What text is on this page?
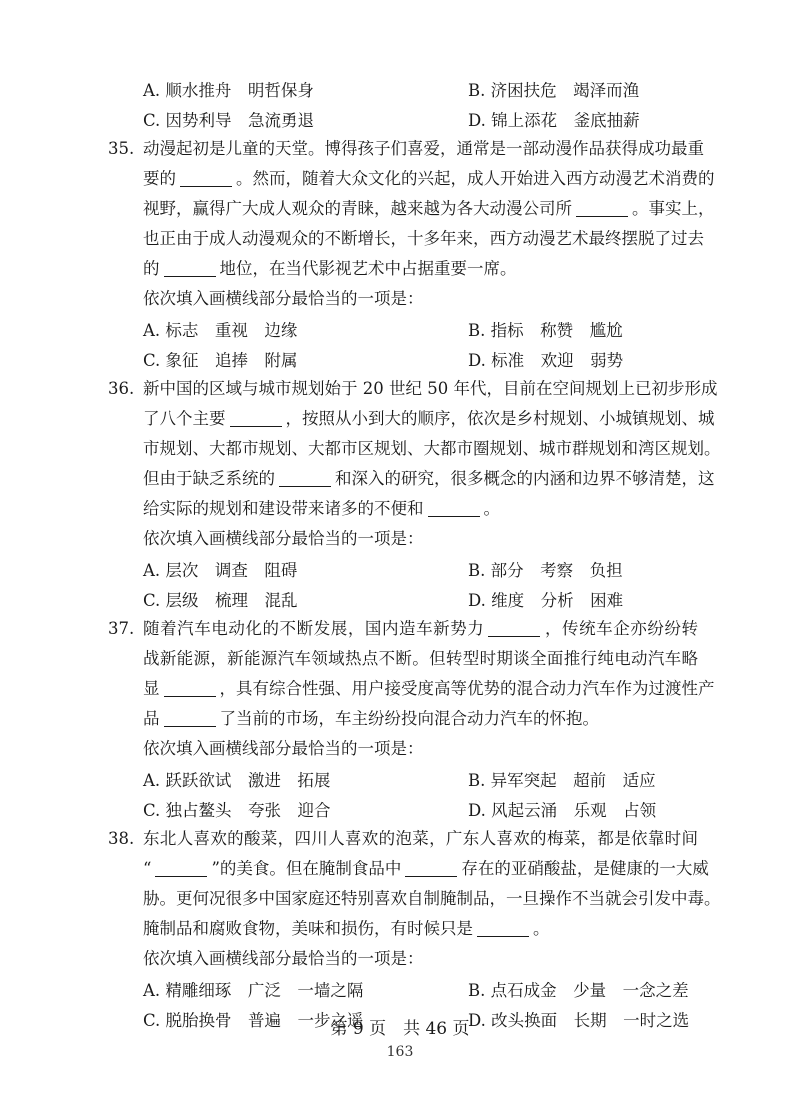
A. 顺水推舟　明哲保身	B. 济困扶危　竭泽而渔
C. 因势利导　急流勇退	D. 锦上添花　釜底抽薪
35. 动漫起初是儿童的天堂。博得孩子们喜爱，通常是一部动漫作品获得成功最重
要的	。然而，随着大众文化的兴起，成人开始进入西方动漫艺术消费的
视野，赢得广大成人观众的青睐，越来越为各大动漫公司所	。事实上，
也正由于成人动漫观众的不断增长，十多年来，西方动漫艺术最终摆脱了过去
的	地位，在当代影视艺术中占据重要一席。
依次填入画横线部分最恰当的一项是：
A. 标志　重视　边缘	B. 指标　称赞　尴尬
C. 象征　追捧　附属	D. 标准　欢迎　弱势
36. 新中国的区域与城市规划始于 20 世纪 50 年代，目前在空间规划上已初步形成
了八个主要	，按照从小到大的顺序，依次是乡村规划、小城镇规划、城
市规划、大都市规划、大都市区规划、大都市圈规划、城市群规划和湾区规划。
但由于缺乏系统的	和深入的研究，很多概念的内涵和边界不够清楚，这
给实际的规划和建设带来诸多的不便和	。
依次填入画横线部分最恰当的一项是：
A. 层次　调查　阻碍	B. 部分　考察　负担
C. 层级　梳理　混乱	D. 维度　分析　困难
37. 随着汽车电动化的不断发展，国内造车新势力	，传统车企亦纷纷转
战新能源，新能源汽车领域热点不断。但转型时期谈全面推行纯电动汽车略
显	，具有综合性强、用户接受度高等优势的混合动力汽车作为过渡性产
品	了当前的市场，车主纷纷投向混合动力汽车的怀抱。
依次填入画横线部分最恰当的一项是：
A. 跃跃欲试　激进　拓展	B. 异军突起　超前　适应
C. 独占鳌头　夸张　迎合	D. 风起云涌　乐观　占领
38. 东北人喜欢的酸菜，四川人喜欢的泡菜，广东人喜欢的梅菜，都是依靠时间
“	”的美食。但在腌制食品中	存在的亚硝酸盐，是健康的一大威
胁。更何况很多中国家庭还特别喜欢自制腌制品，一旦操作不当就会引发中毒。
腌制品和腐败食物，美味和损伤，有时候只是	。
依次填入画横线部分最恰当的一项是：
A. 精雕细琢　广泛　一墙之隔	B. 点石成金　少量　一念之差
C. 脱胎换骨　普遍　一步之遥	D. 改头换面　长期　一时之选
第 9 页　共 46 页
163
